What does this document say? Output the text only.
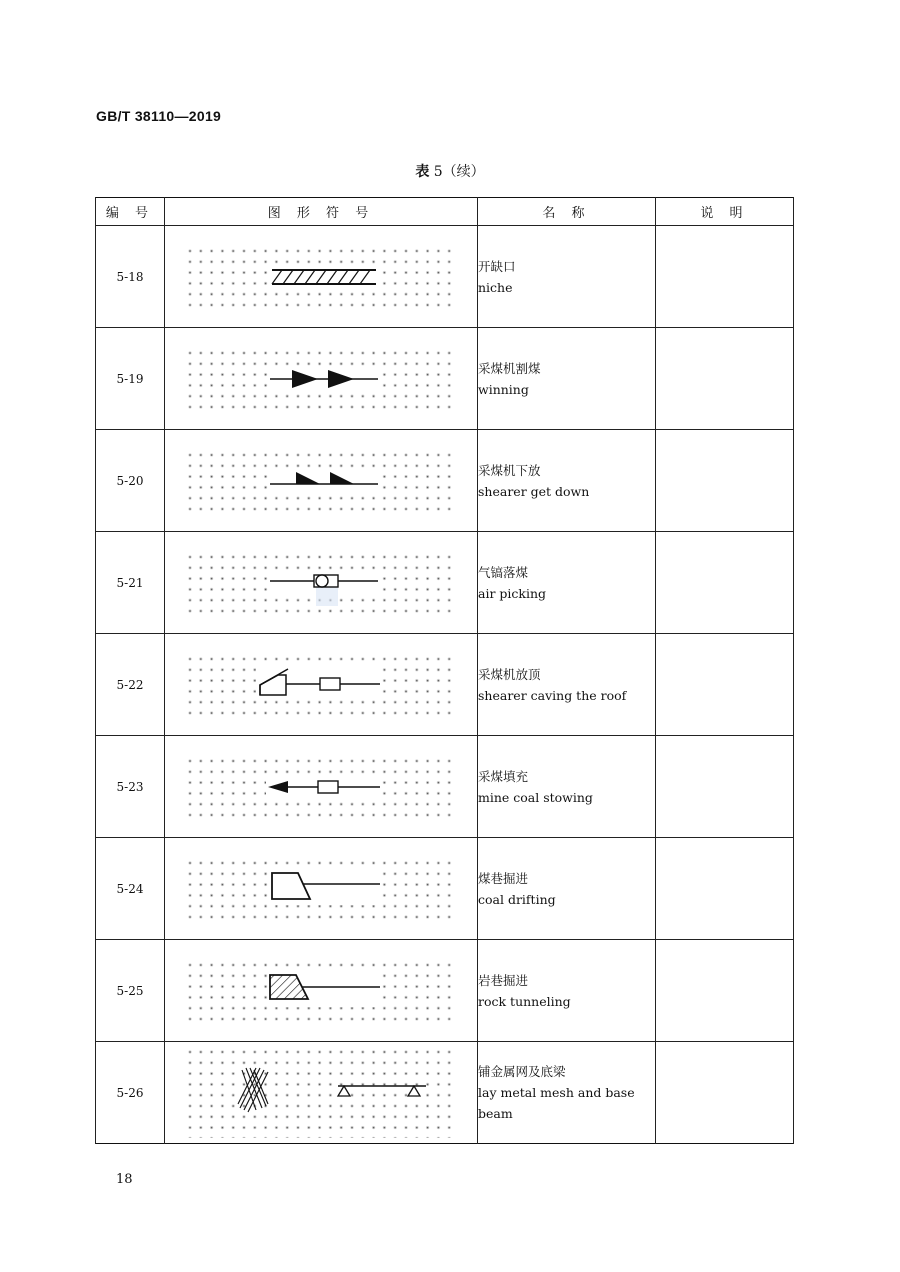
GB/T 38110—2019
表 5（续）
编 号	图 形 符 号	名 称	说 明
5-18		开缺口
niche	

5-19		采煤机割煤
winning	

5-20		采煤机下放
shearer get down	

5-21		气镐落煤
air picking	

5-22		采煤机放顶
shearer caving the roof	

5-23		采煤填充
mine coal stowing	

5-24		煤巷掘进
coal drifting	

5-25		岩巷掘进
rock tunneling	

5-26		铺金属网及底梁
lay metal mesh and base beam	

18
